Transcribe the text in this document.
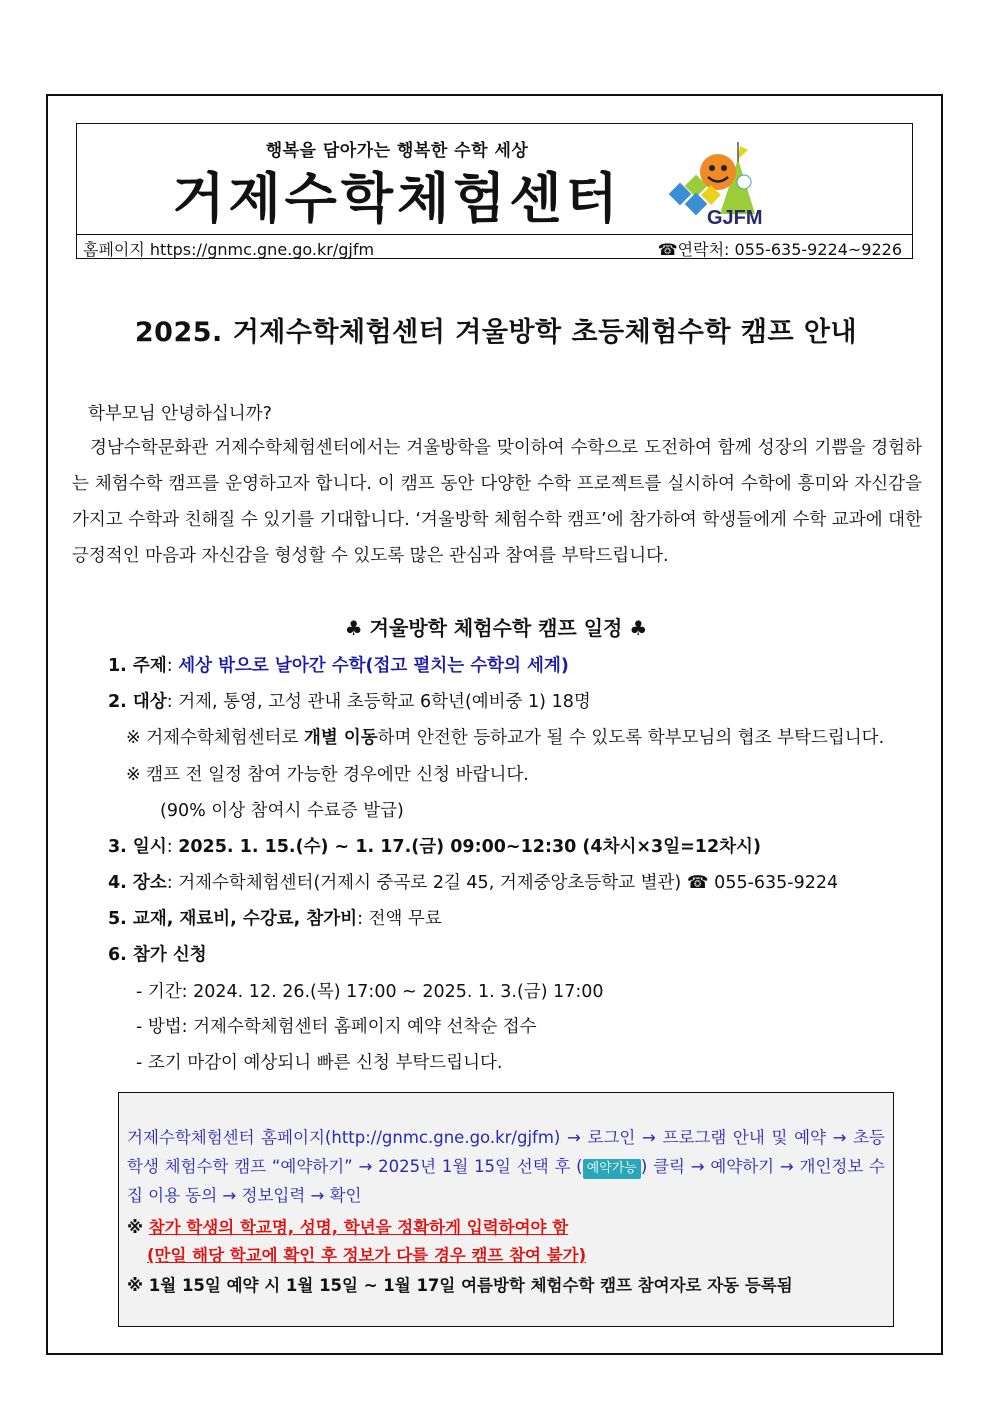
행복을 담아가는 행복한 수학 세상
거제수학체험센터	GJFM
홈페이지 https://gnmc.gne.go.kr/gjfm	☎연락처: 055-635-9224~9226
2025. 거제수학체험센터 겨울방학 초등체험수학 캠프 안내
학부모님 안녕하십니까?
경남수학문화관 거제수학체험센터에서는 겨울방학을 맞이하여 수학으로 도전하여 함께 성장의 기쁨을 경험하는 체험수학 캠프를 운영하고자 합니다. 이 캠프 동안 다양한 수학 프로젝트를 실시하여 수학에 흥미와 자신감을 가지고 수학과 친해질 수 있기를 기대합니다. ‘겨울방학 체험수학 캠프’에 참가하여 학생들에게 수학 교과에 대한 긍정적인 마음과 자신감을 형성할 수 있도록 많은 관심과 참여를 부탁드립니다.
♣ 겨울방학 체험수학 캠프 일정 ♣
1. 주제: 세상 밖으로 날아간 수학(접고 펼치는 수학의 세계)
2. 대상: 거제, 통영, 고성 관내 초등학교 6학년(예비중 1) 18명
※ 거제수학체험센터로 개별 이동하며 안전한 등하교가 될 수 있도록 학부모님의 협조 부탁드립니다.
※ 캠프 전 일정 참여 가능한 경우에만 신청 바랍니다.
(90% 이상 참여시 수료증 발급)
3. 일시: 2025. 1. 15.(수) ~ 1. 17.(금) 09:00~12:30 (4차시×3일=12차시)
4. 장소: 거제수학체험센터(거제시 중곡로 2길 45, 거제중앙초등학교 별관) ☎ 055-635-9224
5. 교재, 재료비, 수강료, 참가비: 전액 무료
6. 참가 신청
- 기간: 2024. 12. 26.(목) 17:00 ~ 2025. 1. 3.(금) 17:00
- 방법: 거제수학체험센터 홈페이지 예약 선착순 접수
- 조기 마감이 예상되니 빠른 신청 부탁드립니다.
거제수학체험센터 홈페이지(http://gnmc.gne.go.kr/gjfm) → 로그인 → 프로그램 안내 및 예약 → 초등학생 체험수학 캠프 “예약하기” → 2025년 1월 15일 선택 후 ( 예약가능 ) 클릭 → 예약하기 → 개인정보 수집 이용 동의 → 정보입력 → 확인
※ 참가 학생의 학교명, 성명, 학년을 정확하게 입력하여야 함
(만일 해당 학교에 확인 후 정보가 다를 경우 캠프 참여 불가)
※ 1월 15일 예약 시 1월 15일 ~ 1월 17일 여름방학 체험수학 캠프 참여자로 자동 등록됨
